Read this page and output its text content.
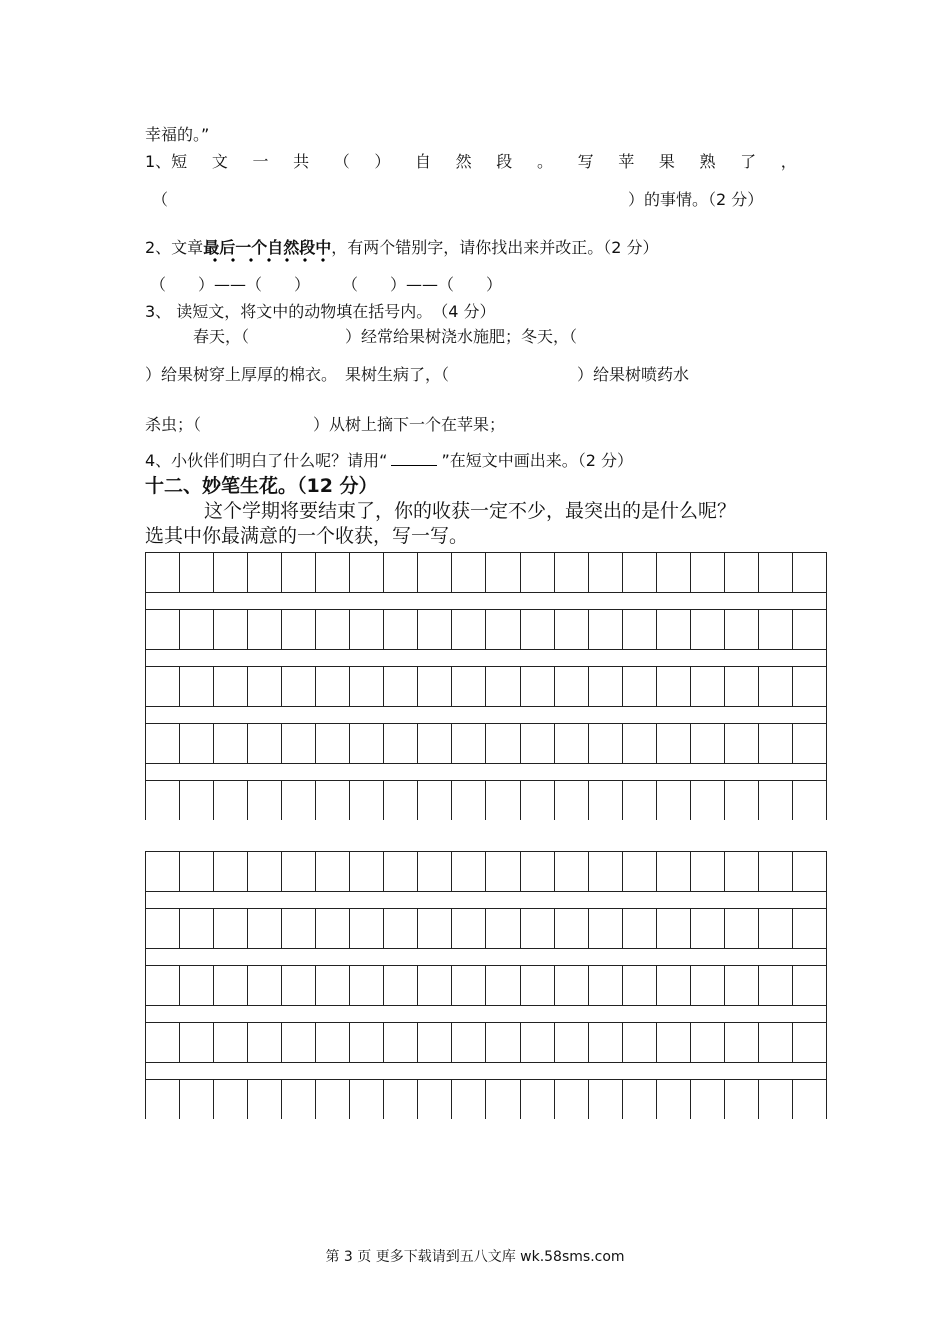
幸福的。”
1、短 文 一 共 （ ） 自 然 段 。 写 苹 果 熟 了 ，
（	）的事情。（2 分）
2、文章最后一个自然段中
，有两个错别字，请你找出来并改正。（2 分）
（　　）——（　　）　　　（　　）——（　　）
3、 读短文，将文中的动物填在括号内。　（4 分）
春天，（　　　　　　）经常给果树浇水施肥；冬天，（
）给果树穿上厚厚的棉衣。　果树生病了，（　　　　　　　　）给果树喷药水
杀虫；（　　　　　　　）从树上摘下一个在苹果；
4、小伙伴们明白了什么呢？请用“	”在短文中画出来。（2 分）
十二、妙笔生花。（12 分）
这个学期将要结束了，你的收获一定不少，最突出的是什么呢？
选其中你最满意的一个收获，写一写。
第 3 页 更多下载请到五八文库 wk.58sms.com
